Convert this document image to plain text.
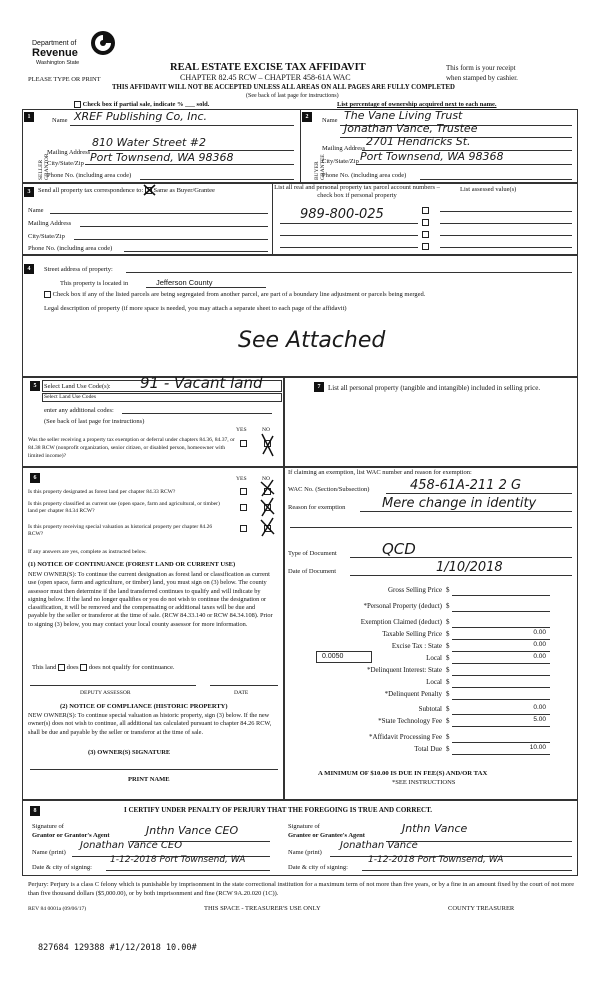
Department of
Revenue
Washington State	REAL ESTATE EXCISE TAX AFFIDAVIT
CHAPTER 82.45 RCW – CHAPTER 458-61A WAC
PLEASE TYPE OR PRINT
This form is your receipt
when stamped by cashier.
THIS AFFIDAVIT WILL NOT BE ACCEPTED UNLESS ALL AREAS ON ALL PAGES ARE FULLY COMPLETED
(See back of last page for instructions)
Check box if partial sale, indicate % ___ sold.	List percentage of ownership acquired next to each name.
1	2
SELLER GRANTOR	BUYER GRANTEE
Name XREF Publishing Co, Inc.
Mailing Address
810 Water Street #2
City/State/Zip Port Townsend, WA 98368
Phone No. (including area code)
Name The Vane Living Trust
Jonathan Vance, Trustee
Mailing Address
2701 Hendricks St.
City/State/Zip Port Townsend, WA 98368
Phone No. (including area code)
3	Send all property tax correspondence to: Same as Buyer/Grantee	List all real and personal property tax parcel account numbers – check box if personal property
List assessed value(s)
Name
Mailing Address
City/State/Zip
Phone No. (including area code)
989-800-025
4	Street address of property:
This property is located in	Jefferson County
Check box if any of the listed parcels are being segregated from another parcel, are part of a boundary line adjustment or parcels being merged.
Legal description of property (if more space is needed, you may attach a separate sheet to each page of the affidavit)
See Attached
5	Select Land Use Code(s): 91 - Vacant land
Select Land Use Codes
enter any additional codes:
(See back of last page for instructions)
YES	NO
Was the seller receiving a property tax exemption or deferral under chapters 84.36, 84.37, or 84.38 RCW (nonprofit organization, senior citizen, or disabled person, homeowner with limited income)?
7	List all personal property (tangible and intangible) included in selling price.
6	YES	NO
Is this property designated as forest land per chapter 84.33 RCW?
Is this property classified as current use (open space, farm and agricultural, or timber) land per chapter 84.34 RCW?
Is this property receiving special valuation as historical property per chapter 84.26 RCW?
If any answers are yes, complete as instructed below.
(1) NOTICE OF CONTINUANCE (FOREST LAND OR CURRENT USE)
NEW OWNER(S): To continue the current designation as forest land or classification as current use (open space, farm and agriculture, or timber) land, you must sign on (3) below. The county assessor must then determine if the land transferred continues to qualify and will indicate by signing below. If the land no longer qualifies or you do not wish to continue the designation or classification, it will be removed and the compensating or additional taxes will be due and payable by the seller or transferor at the time of sale. (RCW 84.33.140 or RCW 84.34.108). Prior to signing (3) below, you may contact your local county assessor for more information.
This land does does not qualify for continuance.
DEPUTY ASSESSOR	DATE
(2) NOTICE OF COMPLIANCE (HISTORIC PROPERTY)
NEW OWNER(S): To continue special valuation as historic property, sign (3) below. If the new owner(s) does not wish to continue, all additional tax calculated pursuant to chapter 84.26 RCW, shall be due and payable by the seller or transferor at the time of sale.
(3) OWNER(S) SIGNATURE
PRINT NAME
If claiming an exemption, list WAC number and reason for exemption:
WAC No. (Section/Subsection)	458-61A-211 2 G
Reason for exemption	Mere change in identity
Type of Document	QCD
Date of Document	1/10/2018
Gross Selling Price $
*Personal Property (deduct) $
Exemption Claimed (deduct) $
Taxable Selling Price $	0.00
Excise Tax : State $	0.00
Local $	0.00
*Delinquent Interest: State $
Local $
*Delinquent Penalty $
Subtotal $	0.00
*State Technology Fee $	5.00
*Affidavit Processing Fee $
Total Due $	10.00
0.0050
A MINIMUM OF $10.00 IS DUE IN FEE(S) AND/OR TAX
*SEE INSTRUCTIONS
8	I CERTIFY UNDER PENALTY OF PERJURY THAT THE FOREGOING IS TRUE AND CORRECT.
Signature of
Grantor or Grantor's Agent	Jnthn Vance CEO	Signature of
Grantee or Grantee's Agent
Jnthn Vance
Name (print)
Jonathan Vance CEO
Name (print)
Jonathan Vance
Date & city of signing:
1-12-2018 Port Townsend, WA
Date & city of signing:
1-12-2018 Port Townsend, WA
Perjury: Perjury is a class C felony which is punishable by imprisonment in the state correctional institution for a maximum term of not more than five years, or by a fine in an amount fixed by the court of not more than five thousand dollars ($5,000.00), or by both imprisonment and fine (RCW 9A.20.020 (1C)).
REV 84 0001a (09/06/17)	THIS SPACE - TREASURER'S USE ONLY	COUNTY TREASURER
827684 129388 #1/12/2018 10.00#
